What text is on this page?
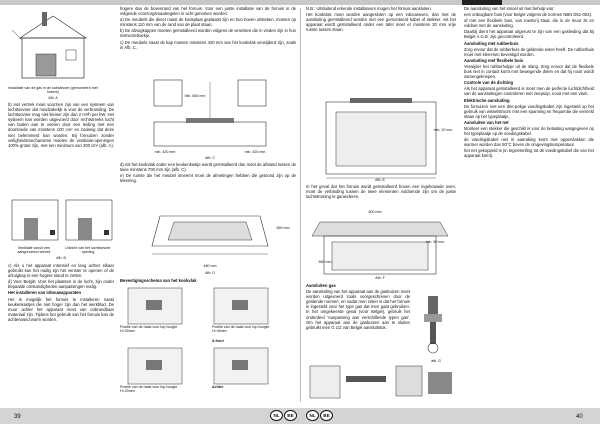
Installatie van de gas in de luchtafvoer (gemonteerd met kokers)
Afb. A

b) Het vertrek moet voorzien zijn van een systeem van luchttoevoer dat noodzakelijk is voor de verbranding. De luchttoevoer mag niet kleiner zijn dan 2 m³/h per kW. Het systeem kan worden uitgevoerd door rechtstreeks lucht van buiten aan te voeren door een leiding met een doorsnede van minstens 100 cm² en zodanig dat deze niet belemmerd kan worden. Bij fornuizen zonder veiligheidsmechanisme moeten de ventilatie-openingen 100% groter zijn, met een minimum van 200 cm² (afb. A).

Ventilatie vanuit een aangrenzend vertrek
Uitzicht van het luchttoevoer opening
Afb. B

c) Als u het apparaat intensief en lang achter elkaar gebruikt kan het nodig zijn het venster te openen of de afzuigkap in een hogere stand te zetten.

d) Voor België: Voor het plaatsen in de lucht, zijn onder bepaalde omstandigheden aanpassingen nodig.

Het installeren van inbouwapparaten

Het is mogelijk het fornuis te installeren naast keukenkastjes die niet hoger zijn dan het werkblad. De muur achter het apparaat moet van onbrandbaar materiaal zijn. Tijdens het gebruik van het fornuis kan de achterwand warm worden.

hogere dan de bovenrand van het fornuis. Voor een juiste installatie van de fornuis in de volgende voorzorgsmaatregelen in acht genomen worden:

a) De meubels die direct naast de kookplaat geplaatst zijn en hun boven uitsteken, moeten op minstens 110 mm van de rand van de plaat staan.

b) De afzuigkappen moeten geïnstalleerd worden volgens de vereisten die in vinden zijn in hun instructieboekje.

c) De meubels naast de kap moeten minstens 420 mm van het kookvlak verwijderd zijn, zoals in Afb. C.

Min. 650 mm
min. 420 mm	min. 420 mm
Afb. C

d) Als het kookvlak onder een keukenkastje wordt geïnstalleerd dan moet de afstand tussen de twee minstens 700 mm zijn (afb. C).

e) De ruimte die het meubel inneemt moet de afmetingen hebben die getoond zijn op de tekening.

560 mm
480 mm
Afb. D
Bevestigingsschema van het kookvlak
Positie van de haak voor top hoogte H=30mm
Positie van de haak voor top hoogte H=40mm
A front
Positie van de haak voor top hoogte H=20mm
Achter

N.B.: Uitsluitend erkende installateurs mogen het fornuis aansluiten.

Het kookvlak moet worden aangesloten op een inbouwoven, dan met de aansluiting geïnstalleerd worden met een gemonteerd kabel of stekker. Als het apparaat wordt geïnstalleerd onder een tafel moet er minstens 20 mm vrije ruimte tussen staan.

min. 20 mm
Afb. E

In het geval dat het fornuis wordt geïnstalleerd boven een ingebouwde oven, moet de verbinding tussen de twee elementen voldoende zijn om de juiste luchtstroming te garanderen.

600 mm
min. 50 mm
560 mm
Afb. F

Aansluiten gas

De aansluiting van het apparaat aan de gasbuizen moet worden uitgevoerd zoals voorgeschreven door de geldende normen, en nadat men zeker is dat het fornuis is ingesteld voor het type gas dat men gaat gebruiken. In het omgekeerde geval (voor België), gebruik het onderdeel 'Aanpassing aan verschillende typen gas'. Om het apparaat aan de gasbuizen aan te sluiten gebruikt men G 1/2 van België aansluitstuk.

afb. G

De aansluiting van het smoel uit met behulp van:

een onbuigbare buis (voor België volgens de normen NBN D51-003).

of met een flexibele buis, van roestvrij staal, die in de muur zit en voldoet met de aansluiting.

Daarbij dient het apparaat uitgerust te zijn van een gasleiding dat bij België A.G.B. zijn gecontroleerd.

Aansluiting met rubberbuis

Zorg ervoor dat de rubberbuis de geldende eisen heeft. De rubberbuis moet met klemmen bevestigd worden.

Aansluiting met flexibele buis

Verwijder het rubberhulpje uit de slang. Zorg ervoor dat de flexibele buis niet in contact komt met bewegende delen en dat hij nooit wordt samengeknepen.

Controle van de dichting

Als het apparaat geïnstalleerd is moet men de perfecte luchtdichtheid van de aansluitingen controleren met zeepsop, nooit met een vlam.

Elektrische aansluiting

De fornuizen met een drie-polige voedingskabel zijn ingesteld op het gebruik van wisselstroom met een spanning en frequentie die vermeld staan op het typeplaatje.

Aansluiten van het net

Monteer een stekker die geschikt is voor de belasting aangegeven op het typeplaatje op de voedingskabel.

de voedingskabel niet in aanraking komt met oppervlakken die warmer worden dan 50°C boven de omgevingstemperatuur.

het net gekoppeld is (in tegenstelling tot de voedingskabel die van het apparaat komt).

39	NL	BE	NL	BE	40
